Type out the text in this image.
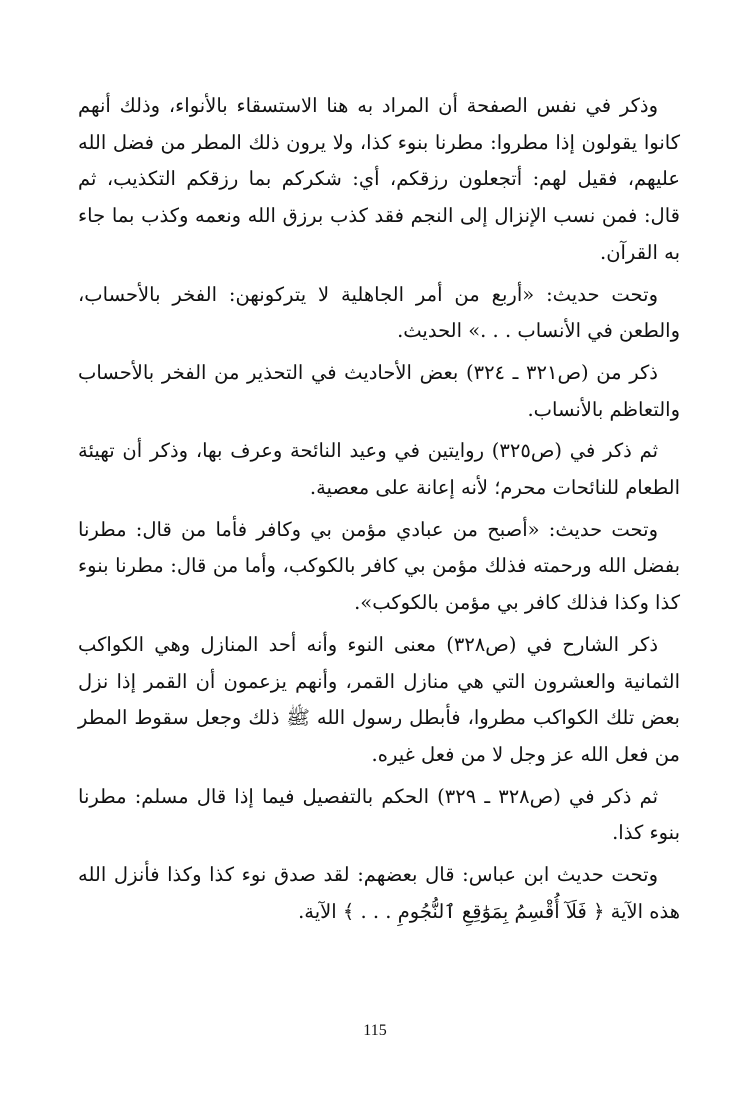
وذكر في نفس الصفحة أن المراد به هنا الاستسقاء بالأنواء، وذلك أنهم كانوا يقولون إذا مطروا: مطرنا بنوء كذا، ولا يرون ذلك المطر من فضل الله عليهم، فقيل لهم: أتجعلون رزقكم، أي: شكركم بما رزقكم التكذيب، ثم قال: فمن نسب الإنزال إلى النجم فقد كذب برزق الله ونعمه وكذب بما جاء به القرآن.

وتحت حديث: «أربع من أمر الجاهلية لا يتركونهن: الفخر بالأحساب، والطعن في الأنساب . . .» الحديث.

ذكر من (ص٣٢١ ـ ٣٢٤) بعض الأحاديث في التحذير من الفخر بالأحساب والتعاظم بالأنساب.

ثم ذكر في (ص٣٢٥) روايتين في وعيد النائحة وعرف بها، وذكر أن تهيئة الطعام للنائحات محرم؛ لأنه إعانة على معصية.

وتحت حديث: «أصبح من عبادي مؤمن بي وكافر فأما من قال: مطرنا بفضل الله ورحمته فذلك مؤمن بي كافر بالكوكب، وأما من قال: مطرنا بنوء كذا وكذا فذلك كافر بي مؤمن بالكوكب».

ذكر الشارح في (ص٣٢٨) معنى النوء وأنه أحد المنازل وهي الكواكب الثمانية والعشرون التي هي منازل القمر، وأنهم يزعمون أن القمر إذا نزل بعض تلك الكواكب مطروا، فأبطل رسول الله ﷺ ذلك وجعل سقوط المطر من فعل الله عز وجل لا من فعل غيره.

ثم ذكر في (ص٣٢٨ ـ ٣٢٩) الحكم بالتفصيل فيما إذا قال مسلم: مطرنا بنوء كذا.

وتحت حديث ابن عباس: قال بعضهم: لقد صدق نوء كذا وكذا فأنزل الله هذه الآية ﴿ فَلَآ أُقْسِمُ بِمَوَٰقِعِ ٱلنُّجُومِ . . . ﴾ الآية.

115
